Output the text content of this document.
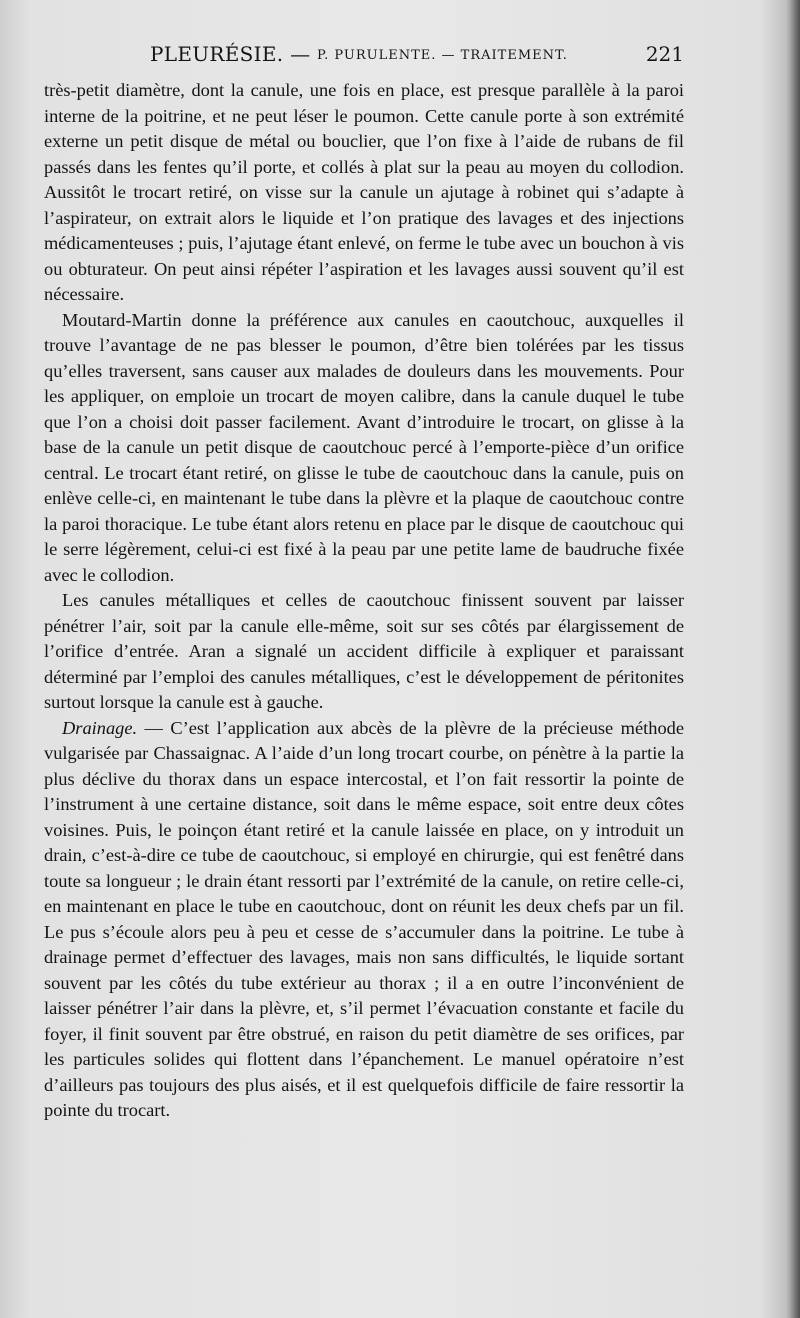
PLEURÉSIE. — P. PURULENTE. — TRAITEMENT.	221

très-petit diamètre, dont la canule, une fois en place, est presque parallèle à la paroi interne de la poitrine, et ne peut léser le poumon. Cette canule porte à son extrémité externe un petit disque de métal ou bouclier, que l’on fixe à l’aide de rubans de fil passés dans les fentes qu’il porte, et collés à plat sur la peau au moyen du collodion. Aussitôt le trocart retiré, on visse sur la canule un ajutage à robinet qui s’adapte à l’aspirateur, on extrait alors le liquide et l’on pratique des lavages et des injections médicamenteuses ; puis, l’ajutage étant enlevé, on ferme le tube avec un bouchon à vis ou obturateur. On peut ainsi répéter l’aspiration et les lavages aussi souvent qu’il est nécessaire.

Moutard-Martin donne la préférence aux canules en caoutchouc, auxquelles il trouve l’avantage de ne pas blesser le poumon, d’être bien tolérées par les tissus qu’elles traversent, sans causer aux malades de douleurs dans les mouvements. Pour les appliquer, on emploie un trocart de moyen calibre, dans la canule duquel le tube que l’on a choisi doit passer facilement. Avant d’introduire le trocart, on glisse à la base de la canule un petit disque de caoutchouc percé à l’emporte-pièce d’un orifice central. Le trocart étant retiré, on glisse le tube de caoutchouc dans la canule, puis on enlève celle-ci, en maintenant le tube dans la plèvre et la plaque de caoutchouc contre la paroi thoracique. Le tube étant alors retenu en place par le disque de caoutchouc qui le serre légèrement, celui-ci est fixé à la peau par une petite lame de baudruche fixée avec le collodion.

Les canules métalliques et celles de caoutchouc finissent souvent par laisser pénétrer l’air, soit par la canule elle-même, soit sur ses côtés par élargissement de l’orifice d’entrée. Aran a signalé un accident difficile à expliquer et paraissant déterminé par l’emploi des canules métalliques, c’est le développement de péritonites surtout lorsque la canule est à gauche.

Drainage. — C’est l’application aux abcès de la plèvre de la précieuse méthode vulgarisée par Chassaignac. A l’aide d’un long trocart courbe, on pénètre à la partie la plus déclive du thorax dans un espace intercostal, et l’on fait ressortir la pointe de l’instrument à une certaine distance, soit dans le même espace, soit entre deux côtes voisines. Puis, le poinçon étant retiré et la canule laissée en place, on y introduit un drain, c’est-à-dire ce tube de caoutchouc, si employé en chirurgie, qui est fenêtré dans toute sa longueur ; le drain étant ressorti par l’extrémité de la canule, on retire celle-ci, en maintenant en place le tube en caoutchouc, dont on réunit les deux chefs par un fil. Le pus s’écoule alors peu à peu et cesse de s’accumuler dans la poitrine. Le tube à drainage permet d’effectuer des lavages, mais non sans difficultés, le liquide sortant souvent par les côtés du tube extérieur au thorax ; il a en outre l’inconvénient de laisser pénétrer l’air dans la plèvre, et, s’il permet l’évacuation constante et facile du foyer, il finit souvent par être obstrué, en raison du petit diamètre de ses orifices, par les particules solides qui flottent dans l’épanchement. Le manuel opératoire n’est d’ailleurs pas toujours des plus aisés, et il est quelquefois difficile de faire ressortir la pointe du trocart.
